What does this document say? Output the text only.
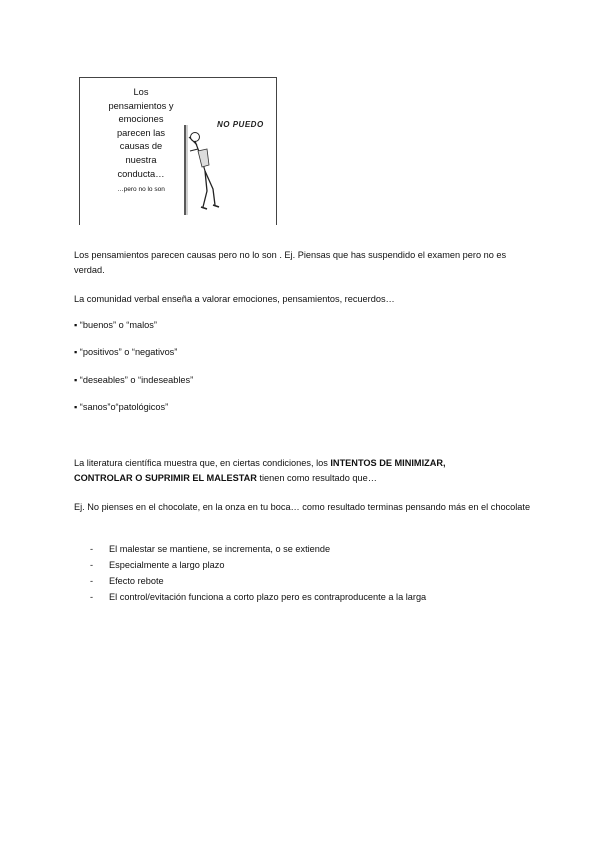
Los
pensamientos y
emociones
parecen las
causas de
nuestra
conducta…
…pero no lo son
NO PUEDO
Los pensamientos parecen causas pero no lo son . Ej. Piensas que has suspendido el examen pero no es verdad.
La comunidad verbal enseña a valorar emociones, pensamientos, recuerdos…
▪ “buenos” o “malos”
▪ “positivos” o “negativos”
▪ “deseables” o “indeseables”
▪ “sanos”o“patológicos”
La literatura científica muestra que, en ciertas condiciones, los INTENTOS DE MINIMIZAR,
CONTROLAR O SUPRIMIR EL MALESTAR tienen como resultado que…
Ej. No pienses en el chocolate, en la onza en tu boca… como resultado terminas pensando más en el chocolate
- El malestar se mantiene, se incrementa, o se extiende
- Especialmente a largo plazo
- Efecto rebote
- El control/evitación funciona a corto plazo pero es contraproducente a la larga
